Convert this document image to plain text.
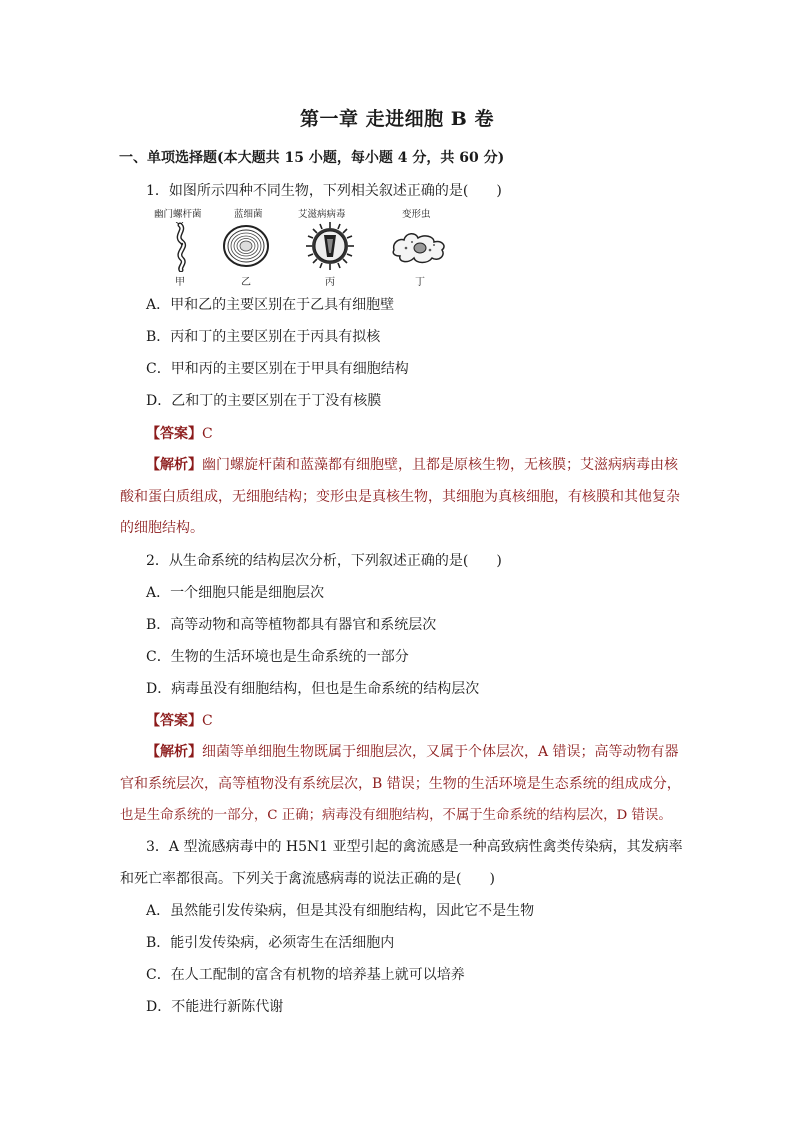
第一章 走进细胞 B 卷
一、单项选择题(本大题共 15 小题，每小题 4 分，共 60 分)
1．如图所示四种不同生物，下列相关叙述正确的是(　　)
幽门螺杆菌	蓝细菌	艾滋病病毒	变形虫
甲	乙	丙	丁
A．甲和乙的主要区别在于乙具有细胞壁
B．丙和丁的主要区别在于丙具有拟核
C．甲和丙的主要区别在于甲具有细胞结构
D．乙和丁的主要区别在于丁没有核膜
【答案】C
【解析】幽门螺旋杆菌和蓝藻都有细胞壁，且都是原核生物，无核膜；艾滋病病毒由核
酸和蛋白质组成，无细胞结构；变形虫是真核生物，其细胞为真核细胞，有核膜和其他复杂
的细胞结构。
2．从生命系统的结构层次分析，下列叙述正确的是(　　)
A．一个细胞只能是细胞层次
B．高等动物和高等植物都具有器官和系统层次
C．生物的生活环境也是生命系统的一部分
D．病毒虽没有细胞结构，但也是生命系统的结构层次
【答案】C
【解析】细菌等单细胞生物既属于细胞层次，又属于个体层次，A 错误；高等动物有器
官和系统层次，高等植物没有系统层次，B 错误；生物的生活环境是生态系统的组成成分，
也是生命系统的一部分，C 正确；病毒没有细胞结构，不属于生命系统的结构层次，D 错误。
3．A 型流感病毒中的 H5N1 亚型引起的禽流感是一种高致病性禽类传染病，其发病率
和死亡率都很高。下列关于禽流感病毒的说法正确的是(　　)
A．虽然能引发传染病，但是其没有细胞结构，因此它不是生物
B．能引发传染病，必须寄生在活细胞内
C．在人工配制的富含有机物的培养基上就可以培养
D．不能进行新陈代谢
